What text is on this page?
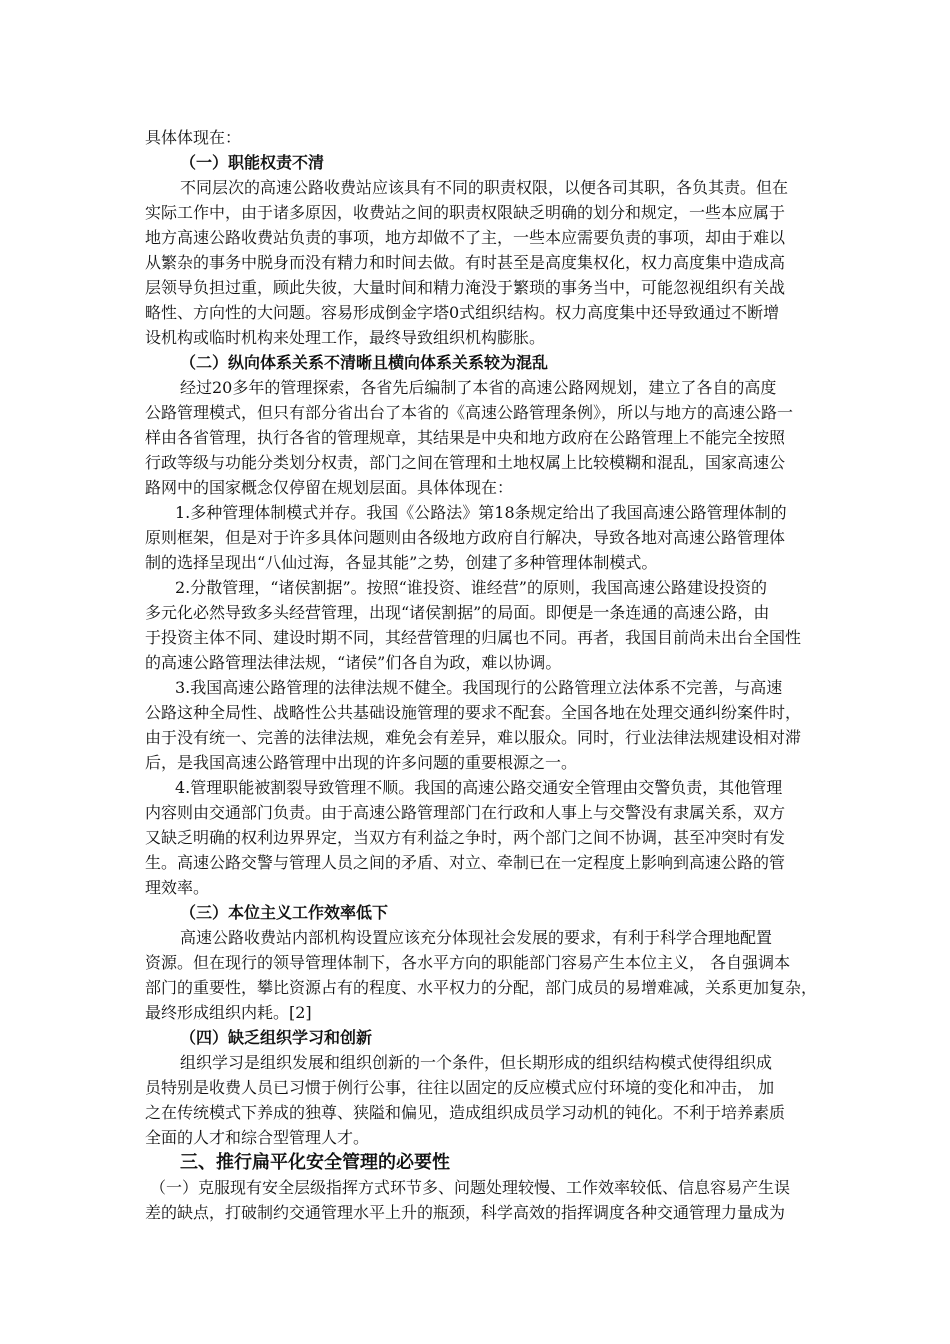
具体体现在：
（一）职能权责不清
不同层次的高速公路收费站应该具有不同的职责权限，以便各司其职，各负其责。但在
实际工作中，由于诸多原因，收费站之间的职责权限缺乏明确的划分和规定，一些本应属于
地方高速公路收费站负责的事项，地方却做不了主，一些本应需要负责的事项，却由于难以
从繁杂的事务中脱身而没有精力和时间去做。有时甚至是高度集权化，权力高度集中造成高
层领导负担过重，顾此失彼，大量时间和精力淹没于繁琐的事务当中，可能忽视组织有关战
略性、方向性的大问题。容易形成倒金字塔0式组织结构。权力高度集中还导致通过不断增
设机构或临时机构来处理工作，最终导致组织机构膨胀。
（二）纵向体系关系不清晰且横向体系关系较为混乱
经过20多年的管理探索，各省先后编制了本省的高速公路网规划，建立了各自的高度
公路管理模式，但只有部分省出台了本省的《高速公路管理条例》，所以与地方的高速公路一
样由各省管理，执行各省的管理规章，其结果是中央和地方政府在公路管理上不能完全按照
行政等级与功能分类划分权责，部门之间在管理和土地权属上比较模糊和混乱，国家高速公
路网中的国家概念仅停留在规划层面。具体体现在：
1.多种管理体制模式并存。我国《公路法》第18条规定给出了我国高速公路管理体制的
原则框架，但是对于许多具体问题则由各级地方政府自行解决，导致各地对高速公路管理体
制的选择呈现出“八仙过海，各显其能”之势，创建了多种管理体制模式。
2.分散管理，“诸侯割据”。按照“谁投资、谁经营”的原则，我国高速公路建设投资的
多元化必然导致多头经营管理，出现“诸侯割据”的局面。即便是一条连通的高速公路，由
于投资主体不同、建设时期不同，其经营管理的归属也不同。再者，我国目前尚未出台全国性
的高速公路管理法律法规，“诸侯”们各自为政，难以协调。
3.我国高速公路管理的法律法规不健全。我国现行的公路管理立法体系不完善，与高速
公路这种全局性、战略性公共基础设施管理的要求不配套。全国各地在处理交通纠纷案件时，
由于没有统一、完善的法律法规，难免会有差异，难以服众。同时，行业法律法规建设相对滞
后，是我国高速公路管理中出现的许多问题的重要根源之一。
4.管理职能被割裂导致管理不顺。我国的高速公路交通安全管理由交警负责，其他管理
内容则由交通部门负责。由于高速公路管理部门在行政和人事上与交警没有隶属关系，双方
又缺乏明确的权利边界界定，当双方有利益之争时，两个部门之间不协调，甚至冲突时有发
生。高速公路交警与管理人员之间的矛盾、对立、牵制已在一定程度上影响到高速公路的管
理效率。
（三）本位主义工作效率低下
高速公路收费站内部机构设置应该充分体现社会发展的要求，有利于科学合理地配置
资源。但在现行的领导管理体制下，各水平方向的职能部门容易产生本位主义， 各自强调本
部门的重要性，攀比资源占有的程度、水平权力的分配，部门成员的易增难减，关系更加复杂，
最终形成组织内耗。[2]
（四）缺乏组织学习和创新
组织学习是组织发展和组织创新的一个条件，但长期形成的组织结构模式使得组织成
员特别是收费人员已习惯于例行公事，往往以固定的反应模式应付环境的变化和冲击， 加
之在传统模式下养成的独尊、狭隘和偏见，造成组织成员学习动机的钝化。不利于培养素质
全面的人才和综合型管理人才。
三、推行扁平化安全管理的必要性
（一）克服现有安全层级指挥方式环节多、问题处理较慢、工作效率较低、信息容易产生误
差的缺点，打破制约交通管理水平上升的瓶颈，科学高效的指挥调度各种交通管理力量成为
